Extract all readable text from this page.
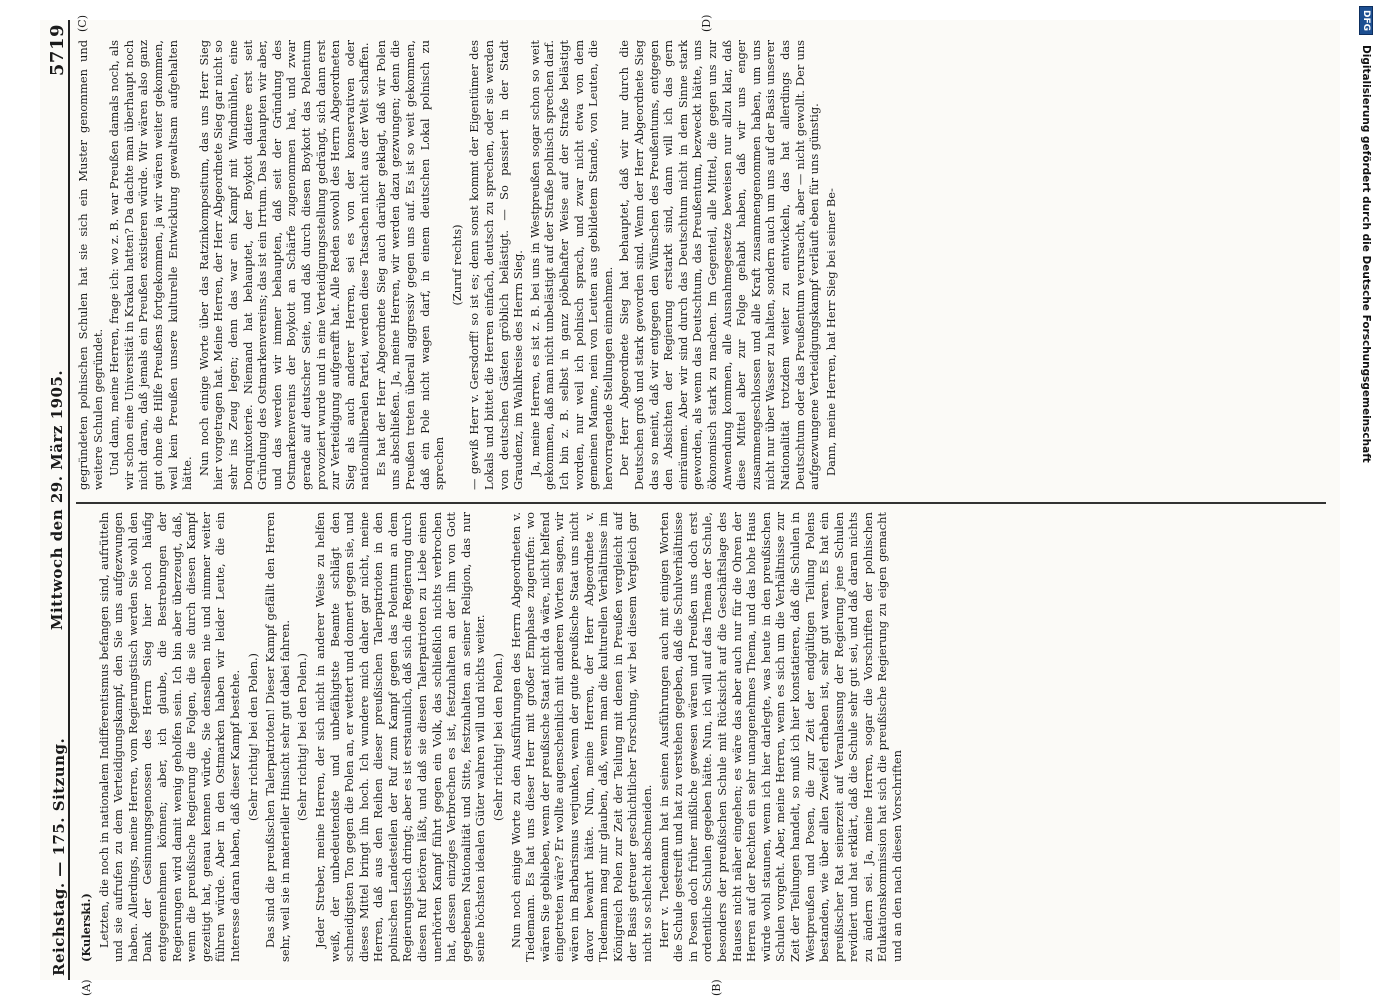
Reichstag. — 175. Sitzung.
Mittwoch den 29. März 1905.
5719
(A)	(B)
(C)	(D)

(Kulerski.) Letzten, die noch in nationalem Indifferentismus befangen sind, aufrütteln und sie aufrufen zu dem Verteidigungskampf, den Sie uns aufgezwungen haben. Allerdings, meine Herren, vom Regierungstisch werden Sie wohl den Dank der Gesinnungsgenossen des Herrn Sieg hier noch häufig entgegennehmen können; aber, ich glaube, die Bestrebungen der Regierungen wird damit wenig geholfen sein. Ich bin aber überzeugt, daß, wenn die preußische Regierung die Folgen, die sie durch diesen Kampf gezeitigt hat, genau kennen würde, Sie denselben nie und nimmer weiter führen würde. Aber in den Ostmarken haben wir leider Leute, die ein Interesse daran haben, daß dieser Kampf bestehe. (Sehr richtig! bei den Polen.) Das sind die preußischen Talerpatrioten! Dieser Kampf gefällt den Herren sehr, weil sie in materieller Hinsicht sehr gut dabei fahren. (Sehr richtig! bei den Polen.) Jeder Streber, meine Herren, der sich nicht in anderer Weise zu helfen weiß, der unbedeutendste und unbefähigtste Beamte schlägt den schneidigsten Ton gegen die Polen an, er wettert und donnert gegen sie, und dieses Mittel bringt ihn hoch. Ich wundere mich daher gar nicht, meine Herren, daß aus den Reihen dieser preußischen Talerpatrioten in den polnischen Landesteilen der Ruf zum Kampf gegen das Polentum an dem Regierungstisch dringt; aber es ist erstaunlich, daß sich die Regierung durch diesen Ruf betören läßt, und daß sie diesen Talerpatrioten zu Liebe einen unerhörten Kampf führt gegen ein Volk, das schließlich nichts verbrochen hat, dessen einziges Verbrechen es ist, festzuhalten an der ihm von Gott gegebenen Nationalität und Sitte, festzuhalten an seiner Religion, das nur seine höchsten idealen Güter wahren will und nichts weiter. (Sehr richtig! bei den Polen.) Nun noch einige Worte zu den Ausführungen des Herrn Abgeordneten v. Tiedemann. Es hat uns dieser Herr mit großer Emphase zugerufen: wo wären Sie geblieben, wenn der preußische Staat nicht da wäre, nicht helfend eingetreten wäre? Er wollte augenscheinlich mit anderen Worten sagen, wir wären im Barbarismus verjunken, wenn der gute preußische Staat uns nicht davor bewahrt hätte. Nun, meine Herren, der Herr Abgeordnete v. Tiedemann mag mir glauben, daß, wenn man die kulturellen Verhältnisse im Königreich Polen zur Zeit der Teilung mit denen in Preußen vergleicht auf der Basis getreuer geschichtlicher Forschung, wir bei diesem Vergleich gar nicht so schlecht abschneiden. Herr v. Tiedemann hat in seinen Ausführungen auch mit einigen Worten die Schule gestreift und hat zu verstehen gegeben, daß die Schulverhältnisse in Posen doch früher mißliche gewesen wären und Preußen uns doch erst ordentliche Schulen gegeben hätte. Nun, ich will auf das Thema der Schule, besonders der preußischen Schule mit Rücksicht auf die Geschäftslage des Hauses nicht näher eingehen; es wäre das aber auch nur für die Ohren der Herren auf der Rechten ein sehr unangenehmes Thema, und das hohe Haus würde wohl staunen, wenn ich hier darlegte, was heute in den preußischen Schulen vorgeht. Aber, meine Herren, wenn es sich um die Verhältnisse zur Zeit der Teilungen handelt, so muß ich hier konstatieren, daß die Schulen in Westpreußen und Posen, die zur Zeit der endgültigen Teilung Polens bestanden, wie über allen Zweifel erhaben ist, sehr gut waren. Es hat ein preußischer Rat seinerzeit auf Veranlassung der Regierung jene Schulen revidiert und hat erklärt, daß die Schule sehr gut sei, und daß daran nichts zu ändern sei. Ja, meine Herren, sogar die Vorschriften der polnischen Edukationskommission hat sich die preußische Regierung zu eigen gemacht und an den nach diesen Vorschriften

gegründeten polnischen Schulen hat sie sich ein Muster genommen und weitere Schulen gegründet. Und dann, meine Herren, frage ich: wo z. B. war Preußen damals noch, als wir schon eine Universität in Krakau hatten? Da dachte man überhaupt noch nicht daran, daß jemals ein Preußen existieren würde. Wir wären also ganz gut ohne die Hilfe Preußens fortgekommen, ja wir wären weiter gekommen, weil kein Preußen unsere kulturelle Entwicklung gewaltsam aufgehalten hätte. Nun noch einige Worte über das Ratzinkompositum, das uns Herr Sieg hier vorgetragen hat. Meine Herren, der Herr Abgeordnete Sieg gar nicht so sehr ins Zeug legen; denn das war ein Kampf mit Windmühlen, eine Donquixoterie. Niemand hat behauptet, der Boykott datiere erst seit Gründung des Ostmarkenvereins; das ist ein Irrtum. Das behaupten wir aber, und das werden wir immer behaupten, daß seit der Gründung des Ostmarkenvereins der Boykott an Schärfe zugenommen hat, und zwar gerade auf deutscher Seite, und daß durch diesen Boykott das Polentum provoziert wurde und in eine Verteidigungsstellung gedrängt, sich dann erst zur Verteidigung aufgerafft hat. Alle Reden sowohl des Herrn Abgeordneten Sieg als auch anderer Herren, sei es von der konservativen oder nationalliberalen Partei, werden diese Tatsachen nicht aus der Welt schaffen. Es hat der Herr Abgeordnete Sieg auch darüber geklagt, daß wir Polen uns abschließen. Ja, meine Herren, wir werden dazu gezwungen; denn die Preußen treten überall aggressiv gegen uns auf. Es ist so weit gekommen, daß ein Pole nicht wagen darf, in einem deutschen Lokal polnisch zu sprechen

(Zuruf rechts) — gewiß Herr v. Gersdorff! so ist es; denn sonst kommt der Eigentümer des Lokals und bittet die Herren einfach, deutsch zu sprechen, oder sie werden von deutschen Gästen gröblich belästigt. — So passiert in der Stadt Graudenz, im Wahlkreise des Herrn Sieg. Ja, meine Herren, es ist z. B. bei uns in Westpreußen sogar schon so weit gekommen, daß man nicht unbelästigt auf der Straße polnisch sprechen darf. Ich bin z. B. selbst in ganz pöbelhafter Weise auf der Straße belästigt worden, nur weil ich polnisch sprach, und zwar nicht etwa von dem gemeinen Manne, nein von Leuten aus gebildetem Stande, von Leuten, die hervorragende Stellungen einnehmen. Der Herr Abgeordnete Sieg hat behauptet, daß wir nur durch die Deutschen groß und stark geworden sind. Wenn der Herr Abgeordnete Sieg das so meint, daß wir entgegen den Wünschen des Preußentums, entgegen den Absichten der Regierung erstarkt sind, dann will ich das gern einräumen. Aber wir sind durch das Deutschtum nicht in dem Sinne stark geworden, als wenn das Deutschtum, das Preußentum, bezweckt hätte, uns ökonomisch stark zu machen. Im Gegenteil, alle Mittel, die gegen uns zur Anwendung kommen, alle Ausnahmegesetze beweisen nur allzu klar, daß diese Mittel aber zur Folge gehabt haben, daß wir uns enger zusammengeschlossen und alle Kraft zusammengenommen haben, um uns nicht nur über Wasser zu halten, sondern auch um uns auf der Basis unserer Nationalität trotzdem weiter zu entwickeln, das hat allerdings das Deutschtum oder das Preußentum verursacht, aber — nicht gewollt. Der uns aufgezwungene Verteidigungskampf verläuft eben für uns günstig. Dann, meine Herren, hat Herr Sieg bei seiner Be-

DFG
Digitalisierung gefördert durch die Deutsche Forschungsgemeinschaft
